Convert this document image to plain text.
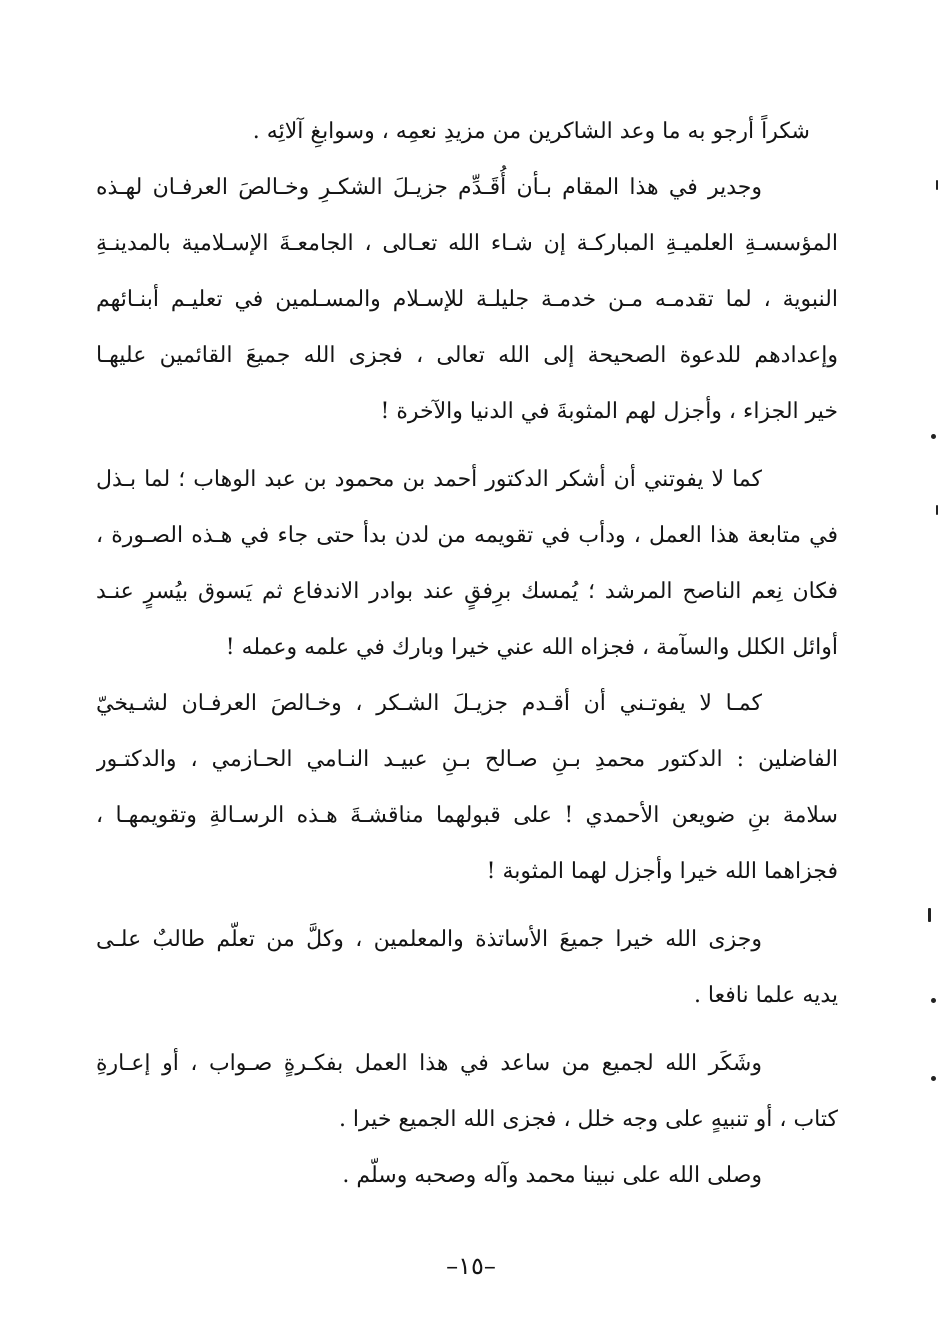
شكراً أرجو به ما وعد الشاكرين من مزيدِ نعمِه ، وسوابغِ آلائِه .
وجدير في هذا المقام بـأن أُقَـدِّم جزيـلَ الشكـرِ وخـالصَ العرفـان لهـذه
المؤسسـةِ العلميـةِ المباركـة إن شـاء الله تعـالى ، الجامعـةَ الإسـلامية بالمدينـةِ
النبوية ، لما تقدمـه مـن خدمـة جليلـة للإسـلام والمسـلمين في تعليـم أبنـائهم
وإعدادهم للدعوة الصحيحة إلى الله تعالى ، فجزى الله جميعَ القائمين عليهـا
خير الجزاء ، وأجزل لهم المثوبةَ في الدنيا والآخرة !
كما لا يفوتني أن أشكر الدكتور أحمد بن محمود بن عبد الوهاب ؛ لما بـذل
في متابعة هذا العمل ، ودأب في تقويمه من لدن بدأ حتى جاء في هـذه الصـورة ،
فكان نِعم الناصح المرشد ؛ يُمسك برِفقٍ عند بوادر الاندفاع ثم يَسوق بيُسرٍ عنـد
أوائل الكلل والسآمة ، فجزاه الله عني خيرا وبارك في علمه وعمله !
كمـا لا يفوتـني أن أقـدم جزيـلَ الشـكر ، وخـالصَ العرفـان لشـيخيّ
الفاضلين : الدكتور محمدِ بـنِ صـالح بـنِ عبيـد النـامي الحـازمي ، والدكتـور
سلامة بنِ ضويعن الأحمدي ! على قبولهما مناقشـةَ هـذه الرسـالةِ وتقويمهـا ،
فجزاهما الله خيرا وأجزل لهما المثوبة !
وجزى الله خيرا جميعَ الأساتذة والمعلمين ، وكلَّ من تعلّم طالبٌ علـى
يديه علما نافعا .
وشَكَر الله لجميع من ساعد في هذا العمل بفكـرةٍ صـواب ، أو إعـارةِ
كتاب ، أو تنبيهٍ على وجه خلل ، فجزى الله الجميع خيرا .
وصلى الله على نبينا محمد وآله وصحبه وسلّم .
–١٥–
